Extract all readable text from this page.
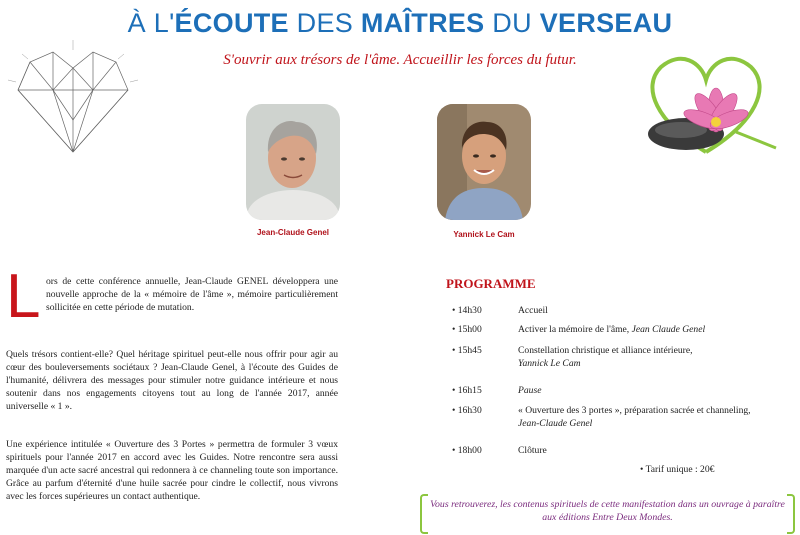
À L'ÉCOUTE DES MAÎTRES DU VERSEAU
S'ouvrir aux trésors de l'âme. Accueillir les forces du futur.
Jean-Claude Genel	Yannick Le Cam
L ors de cette conférence annuelle, Jean-Claude GENEL développera une nouvelle approche de la « mémoire de l'âme », mémoire particulièrement sollicitée en cette période de mutation.
Quels trésors contient-elle? Quel héritage spirituel peut-elle nous offrir pour agir au cœur des bouleversements sociétaux ? Jean-Claude Genel, à l'écoute des Guides de l'humanité, délivrera des messages pour stimuler notre guidance intérieure et nous soutenir dans nos engagements citoyens tout au long de l'année 2017, année universelle « 1 ».
Une expérience intitulée « Ouverture des 3 Portes » permettra de formuler 3 vœux spirituels pour l'année 2017 en accord avec les Guides. Notre rencontre sera aussi marquée d'un acte sacré ancestral qui redonnera à ce channeling toute son importance. Grâce au parfum d'éternité d'une huile sacrée pour cindre le collectif, nous vivrons avec les forces supérieures un contact authentique.
PROGRAMME
• 14h30	Accueil
• 15h00	Activer la mémoire de l'âme, Jean Claude Genel
• 15h45	Constellation christique et alliance intérieure,
Yannick Le Cam
• 16h15	Pause
• 16h30	« Ouverture des 3 portes », préparation sacrée et channeling,
Jean-Claude Genel
• 18h00	Clôture
• Tarif unique : 20€
Vous retrouverez, les contenus spirituels de cette manifestation dans un ouvrage à paraître aux éditions Entre Deux Mondes.
